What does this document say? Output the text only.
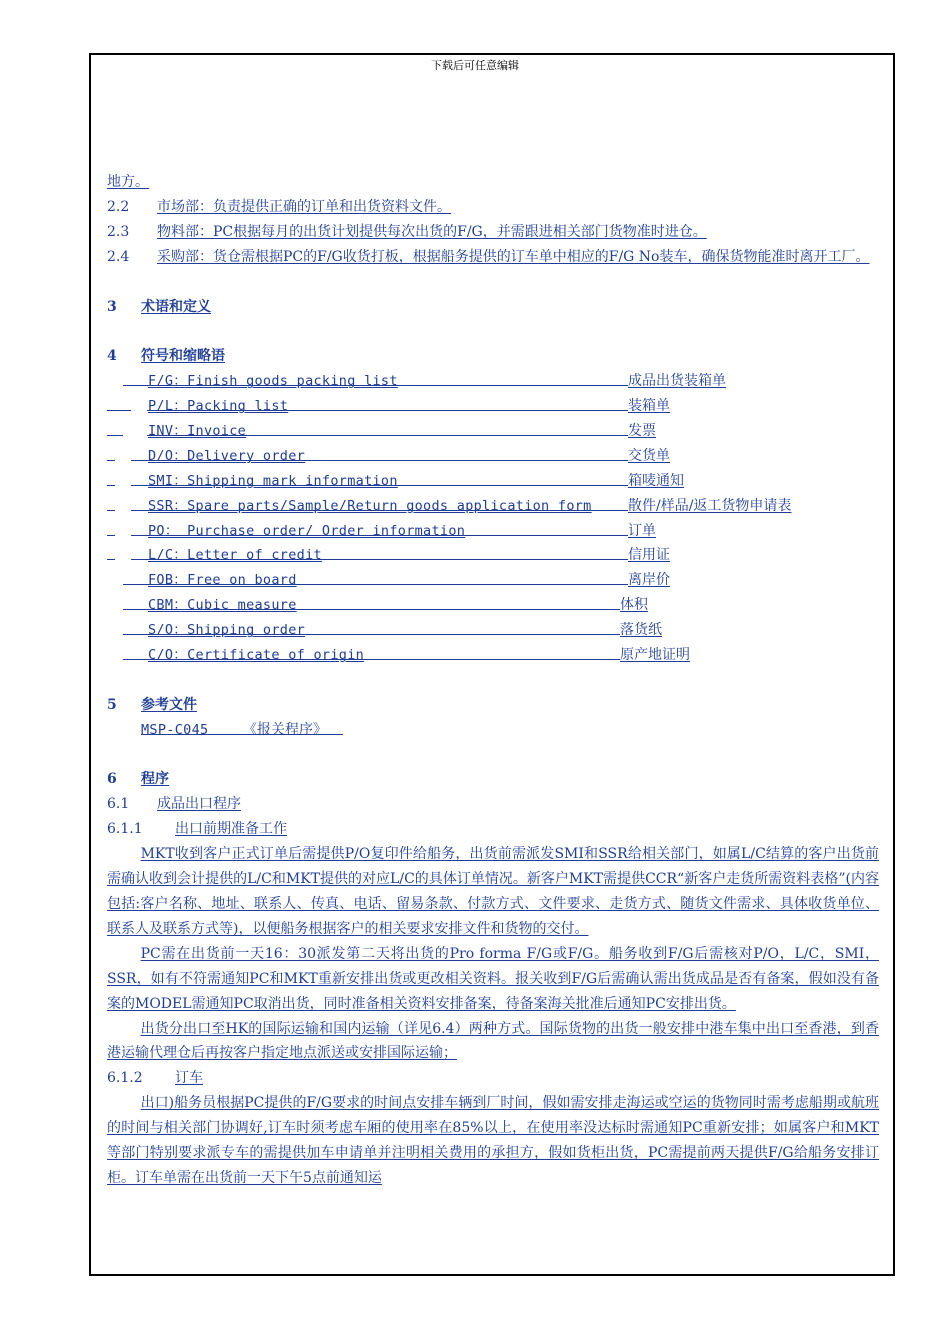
下载后可任意编辑
地方。
2.2 市场部：负责提供正确的订单和出货资料文件。
2.3 物料部：PC根据每月的出货计划提供每次出货的F/G，并需跟进相关部门货物准时进仓。
2.4 采购部：货仓需根据PC的F/G收货打板，根据船务提供的订车单中相应的F/G No装车，确保货物能准时离开工厂。
3 术语和定义
4 符号和缩略语
F/G：Finish goods packing list	成品出货装箱单
P/L：Packing list	装箱单
INV：Invoice	发票
D/O：Delivery order	交货单
SMI：Shipping mark information	箱唛通知
SSR：Spare parts/Sample/Return goods application form	散件/样品/返工货物申请表
PO： Purchase order/ Order information	订单
L/C：Letter of credit	信用证
FOB：Free on board	离岸价
CBM：Cubic measure	体积
S/O：Shipping order	落货纸
C/O：Certificate of origin	原产地证明
5 参考文件
MSP-C045 《报关程序》
6 程序
6.1 成品出口程序
6.1.1 出口前期准备工作
MKT收到客户正式订单后需提供P/O复印件给船务，出货前需派发SMI和SSR给相关部门，如属L/C结算的客户出货前需确认收到会计提供的L/C和MKT提供的对应L/C的具体订单情况。新客户MKT需提供CCR“新客户走货所需资料表格”(内容包括:客户名称、地址、联系人、传真、电话、留易条款、付款方式、文件要求、走货方式、随货文件需求、具体收货单位、联系人及联系方式等)，以便船务根据客户的相关要求安排文件和货物的交付。
PC需在出货前一天16：30派发第二天将出货的Pro forma F/G或F/G。船务收到F/G后需核对P/O，L/C，SMI，SSR，如有不符需通知PC和MKT重新安排出货或更改相关资料。报关收到F/G后需确认需出货成品是否有备案，假如没有备案的MODEL需通知PC取消出货，同时准备相关资料安排备案，待备案海关批准后通知PC安排出货。
出货分出口至HK的国际运输和国内运输（详见6.4）两种方式。国际货物的出货一般安排中港车集中出口至香港，到香港运输代理仓后再按客户指定地点派送或安排国际运输；
6.1.2 订车
出口)船务员根据PC提供的F/G要求的时间点安排车辆到厂时间，假如需安排走海运或空运的货物同时需考虑船期或航班的时间与相关部门协调好,订车时须考虑车厢的使用率在85%以上，在使用率没达标时需通知PC重新安排；如属客户和MKT等部门特别要求派专车的需提供加车申请单并注明相关费用的承担方，假如货柜出货，PC需提前两天提供F/G给船务安排订柜。订车单需在出货前一天下午5点前通知运
